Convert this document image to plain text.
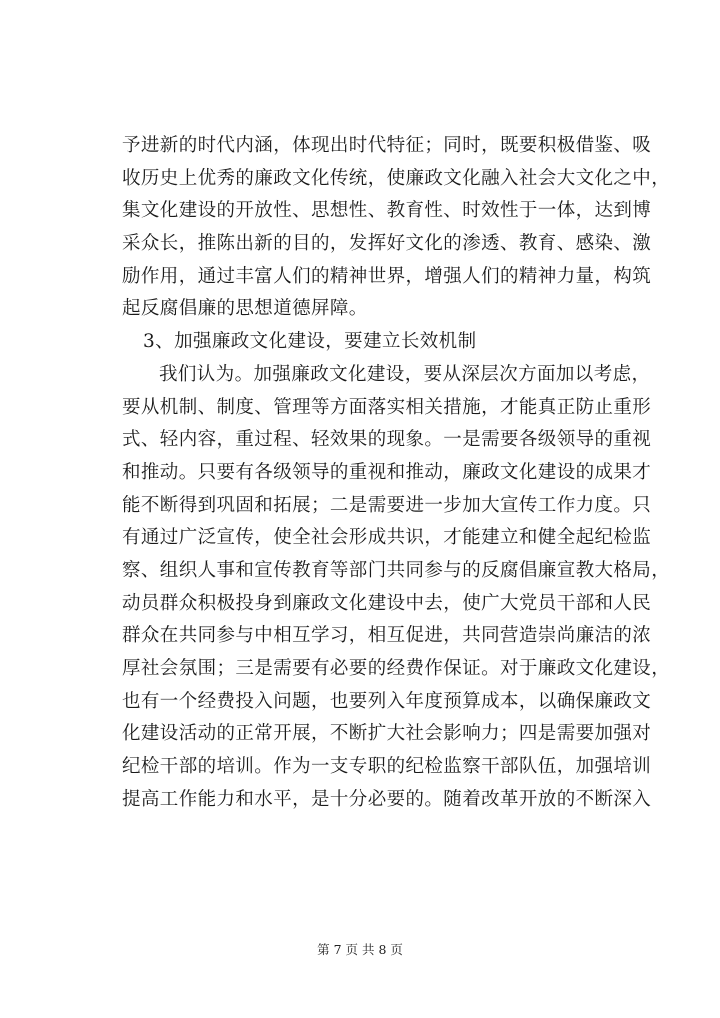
予进新的时代内涵，体现出时代特征；同时，既要积极借鉴、吸
收历史上优秀的廉政文化传统，使廉政文化融入社会大文化之中，
集文化建设的开放性、思想性、教育性、时效性于一体，达到博
采众长，推陈出新的目的，发挥好文化的渗透、教育、感染、激
励作用，通过丰富人们的精神世界，增强人们的精神力量，构筑
起反腐倡廉的思想道德屏障。
3、加强廉政文化建设，要建立长效机制
我们认为。加强廉政文化建设，要从深层次方面加以考虑，
要从机制、制度、管理等方面落实相关措施，才能真正防止重形
式、轻内容，重过程、轻效果的现象。一是需要各级领导的重视
和推动。只要有各级领导的重视和推动，廉政文化建设的成果才
能不断得到巩固和拓展；二是需要进一步加大宣传工作力度。只
有通过广泛宣传，使全社会形成共识，才能建立和健全起纪检监
察、组织人事和宣传教育等部门共同参与的反腐倡廉宣教大格局，
动员群众积极投身到廉政文化建设中去，使广大党员干部和人民
群众在共同参与中相互学习，相互促进，共同营造崇尚廉洁的浓
厚社会氛围；三是需要有必要的经费作保证。对于廉政文化建设，
也有一个经费投入问题，也要列入年度预算成本，以确保廉政文
化建设活动的正常开展，不断扩大社会影响力；四是需要加强对
纪检干部的培训。作为一支专职的纪检监察干部队伍，加强培训
提高工作能力和水平，是十分必要的。随着改革开放的不断深入
第 7 页 共 8 页
